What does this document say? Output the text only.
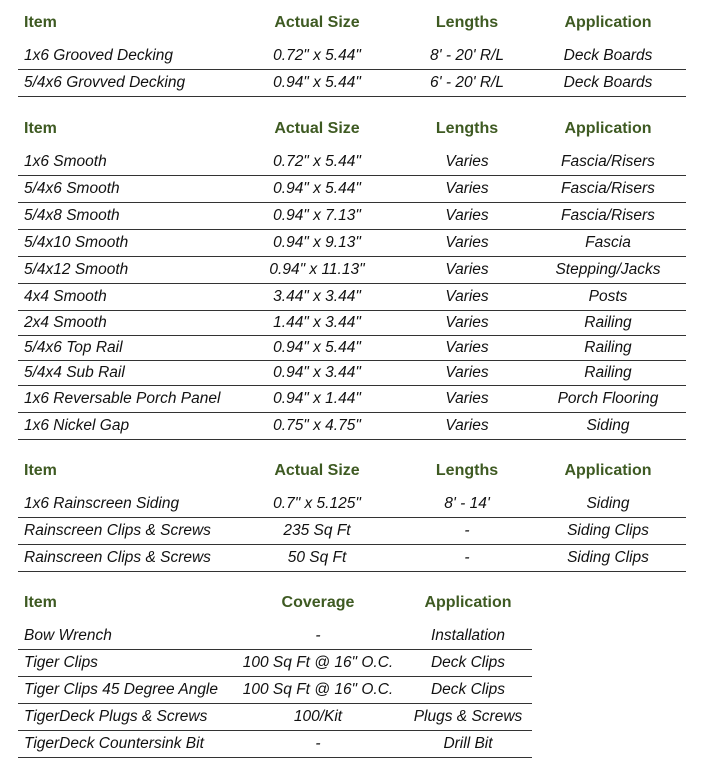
Item	Actual Size	Lengths	Application
1x6 Grooved Decking	0.72" x 5.44"	8' - 20' R/L	Deck Boards
5/4x6 Grovved Decking	0.94" x 5.44"	6' - 20' R/L	Deck Boards
Item	Actual Size	Lengths	Application
1x6 Smooth	0.72" x 5.44"	Varies	Fascia/Risers
5/4x6 Smooth	0.94" x 5.44"	Varies	Fascia/Risers
5/4x8 Smooth	0.94" x 7.13"	Varies	Fascia/Risers
5/4x10 Smooth	0.94" x 9.13"	Varies	Fascia
5/4x12 Smooth	0.94" x 11.13"	Varies	Stepping/Jacks
4x4 Smooth	3.44" x 3.44"	Varies	Posts
2x4 Smooth	1.44" x 3.44"	Varies	Railing
5/4x6 Top Rail	0.94" x 5.44"	Varies	Railing
5/4x4 Sub Rail	0.94" x 3.44"	Varies	Railing
1x6 Reversable Porch Panel	0.94" x 1.44"	Varies	Porch Flooring
1x6 Nickel Gap	0.75" x 4.75"	Varies	Siding
Item	Actual Size	Lengths	Application
1x6 Rainscreen Siding	0.7" x 5.125"	8' - 14'	Siding
Rainscreen Clips & Screws	235 Sq Ft	-	Siding Clips
Rainscreen Clips & Screws	50 Sq Ft	-	Siding Clips
Item	Coverage	Application
Bow Wrench	-	Installation
Tiger Clips	100 Sq Ft @ 16" O.C.	Deck Clips
Tiger Clips 45 Degree Angle	100 Sq Ft @ 16" O.C.	Deck Clips
TigerDeck Plugs & Screws	100/Kit	Plugs & Screws
TigerDeck Countersink Bit	-	Drill Bit
